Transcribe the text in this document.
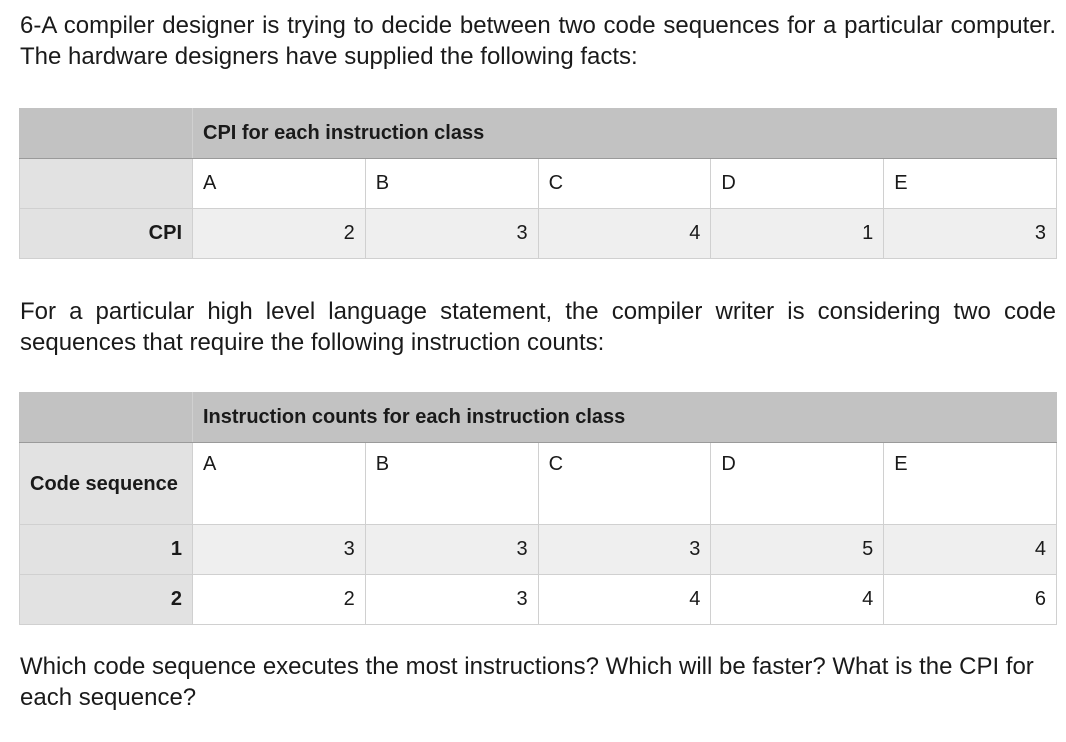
6-A compiler designer is trying to decide between two code sequences for a particular computer. The hardware designers have supplied the following facts:

	CPI for each instruction class				
	A	B	C	D	E
CPI	2	3	4	1	3

For a particular high level language statement, the compiler writer is considering two code sequences that require the following instruction counts:

	Instruction counts for each instruction class				
Code sequence	A	B	C	D	E
1	3	3	3	5	4
2	2	3	4	4	6

Which code sequence executes the most instructions? Which will be faster? What is the CPI for each sequence?
